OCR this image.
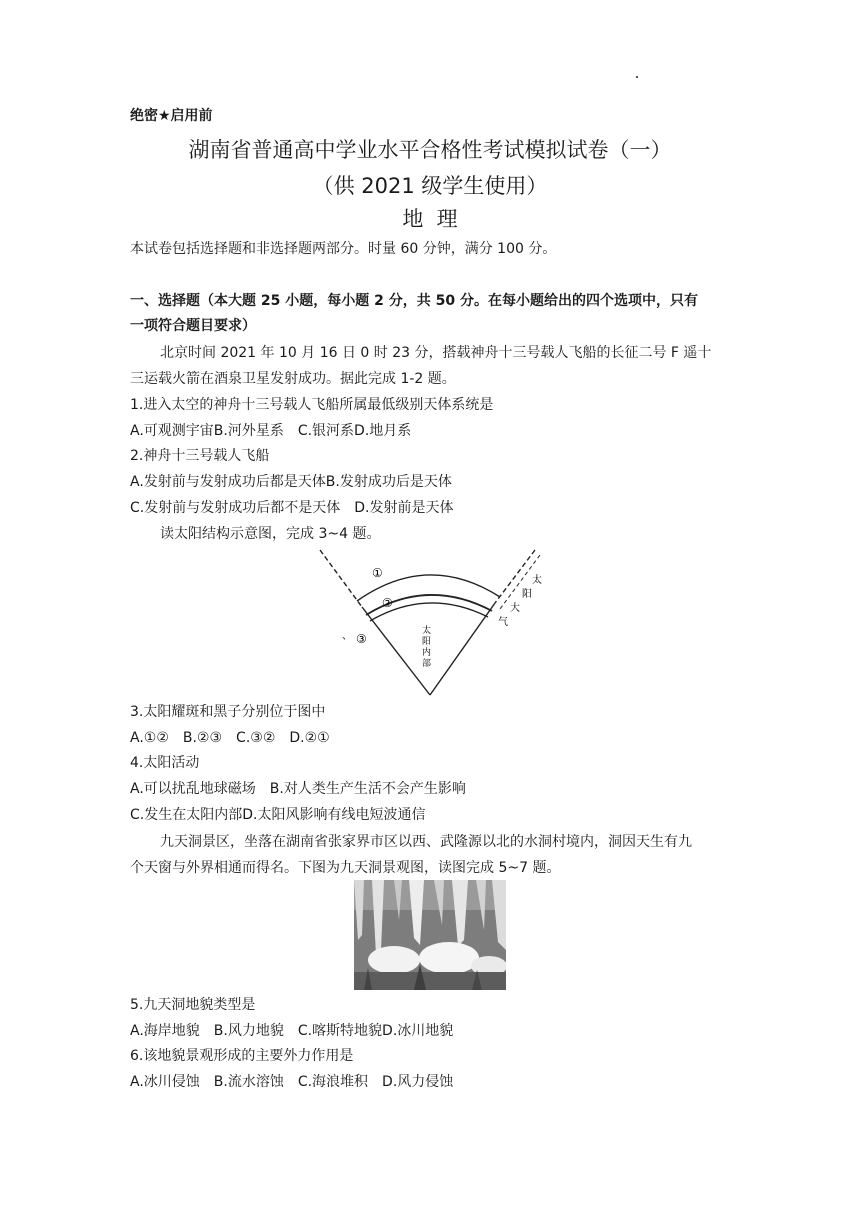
绝密★启用前
湖南省普通高中学业水平合格性考试模拟试卷（一）
（供 2021 级学生使用）
地  理
本试卷包括选择题和非选择题两部分。时量 60 分钟，满分 100 分。
一、选择题（本大题 25 小题，每小题 2 分，共 50 分。在每小题给出的四个选项中，只有
一项符合题目要求）
北京时间 2021 年 10 月 16 日 0 时 23 分，搭载神舟十三号载人飞船的长征二号 F 遥十
三运载火箭在酒泉卫星发射成功。据此完成 1-2 题。
1.进入太空的神舟十三号载人飞船所属最低级别天体系统是
A.可观测宇宙B.河外星系　C.银河系D.地月系
2.神舟十三号载人飞船
A.发射前与发射成功后都是天体B.发射成功后是天体
C.发射前与发射成功后都不是天体　D.发射前是天体
读太阳结构示意图，完成 3~4 题。
①
②
③
、	太
阳
内
部
太
阳
大
气
3.太阳耀斑和黑子分别位于图中
A.①②　B.②③　C.③②　D.②①
4.太阳活动
A.可以扰乱地球磁场　B.对人类生产生活不会产生影响
C.发生在太阳内部D.太阳风影响有线电短波通信
九天洞景区，坐落在湖南省张家界市区以西、武隆源以北的水洞村境内，洞因天生有九
个天窗与外界相通而得名。下图为九天洞景观图，读图完成 5~7 题。
5.九天洞地貌类型是
A.海岸地貌　B.风力地貌　C.喀斯特地貌D.冰川地貌
6.该地貌景观形成的主要外力作用是
A.冰川侵蚀　B.流水溶蚀　C.海浪堆积　D.风力侵蚀
